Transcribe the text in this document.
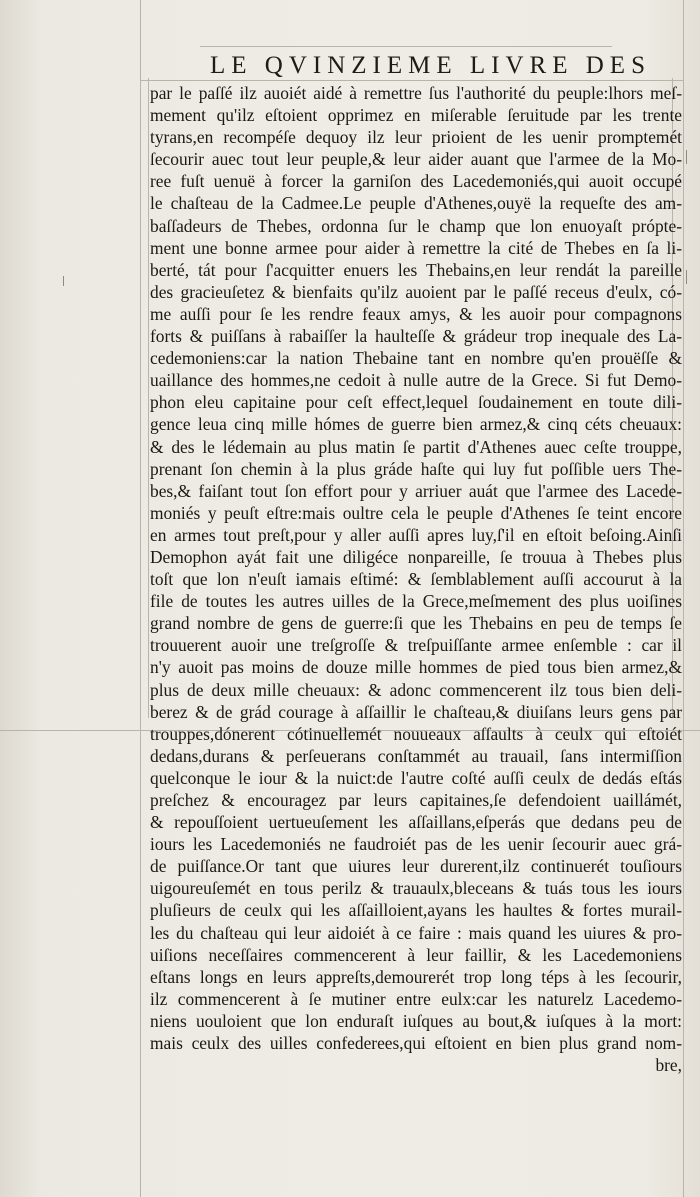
LE QVINZIEME LIVRE DES
par le paſſé ilz auoiét aidé à remettre ſus l'authorité du peuple:lhors meſ-
mement qu'ilz eſtoient opprimez en miſerable ſeruitude par les trente
tyrans,en recompéſe dequoy ilz leur prioient de les uenir promptemét
ſecourir auec tout leur peuple,& leur aider auant que l'armee de la Mo-
ree fuſt uenuë à forcer la garniſon des Lacedemoniés,qui auoit occupé
le chaſteau de la Cadmee.Le peuple d'Athenes,ouyë la requeſte des am-
baſſadeurs de Thebes, ordonna ſur le champ que lon enuoyaſt própte-
ment une bonne armee pour aider à remettre la cité de Thebes en ſa li-
berté, tát pour ſ'acquitter enuers les Thebains,en leur rendát la pareille
des gracieuſetez & bienfaits qu'ilz auoient par le paſſé receus d'eulx, có-
me auſſi pour ſe les rendre feaux amys, & les auoir pour compagnons
forts & puiſſans à rabaiſſer la haulteſſe & grádeur trop inequale des La-
cedemoniens:car la nation Thebaine tant en nombre qu'en prouëſſe &
uaillance des hommes,ne cedoit à nulle autre de la Grece. Si fut Demo-
phon eleu capitaine pour ceſt effect,lequel ſoudainement en toute dili-
gence leua cinq mille hómes de guerre bien armez,& cinq céts cheuaux:
& des le lédemain au plus matin ſe partit d'Athenes auec ceſte trouppe,
prenant ſon chemin à la plus gráde haſte qui luy fut poſſible uers The-
bes,& faiſant tout ſon effort pour y arriuer auát que l'armee des Lacede-
moniés y peuſt eſtre:mais oultre cela le peuple d'Athenes ſe teint encore
en armes tout preſt,pour y aller auſſi apres luy,ſ'il en eſtoit beſoing.Ainſi
Demophon ayát fait une diligéce nonpareille, ſe trouua à Thebes plus
toſt que lon n'euſt iamais eſtimé: & ſemblablement auſſi accourut à la
file de toutes les autres uilles de la Grece,meſmement des plus uoiſines
grand nombre de gens de guerre:ſi que les Thebains en peu de temps ſe
trouuerent auoir une treſgroſſe & treſpuiſſante armee enſemble : car il
n'y auoit pas moins de douze mille hommes de pied tous bien armez,&
plus de deux mille cheuaux: & adonc commencerent ilz tous bien deli-
berez & de grád courage à aſſaillir le chaſteau,& diuiſans leurs gens par
trouppes,dónerent cótinuellemét nouueaux aſſaults à ceulx qui eſtoiét
dedans,durans & perſeuerans conſtammét au trauail, ſans intermiſſion
quelconque le iour & la nuict:de l'autre coſté auſſi ceulx de dedás eſtás
preſchez & encouragez par leurs capitaines,ſe defendoient uaillámét,
& repouſſoient uertueuſement les aſſaillans,eſperás que dedans peu de
iours les Lacedemoniés ne faudroiét pas de les uenir ſecourir auec grá-
de puiſſance.Or tant que uiures leur durerent,ilz continuerét touſiours
uigoureuſemét en tous perilz & trauaulx,bleceans & tuás tous les iours
pluſieurs de ceulx qui les aſſailloient,ayans les haultes & fortes murail-
les du chaſteau qui leur aidoiét à ce faire : mais quand les uiures & pro-
uiſions neceſſaires commencerent à leur faillir, & les Lacedemoniens
eſtans longs en leurs appreſts,demourerét trop long téps à les ſecourir,
ilz commencerent à ſe mutiner entre eulx:car les naturelz Lacedemo-
niens uouloient que lon enduraſt iuſques au bout,& iuſques à la mort:
mais ceulx des uilles confederees,qui eſtoient en bien plus grand nom-
bre,
